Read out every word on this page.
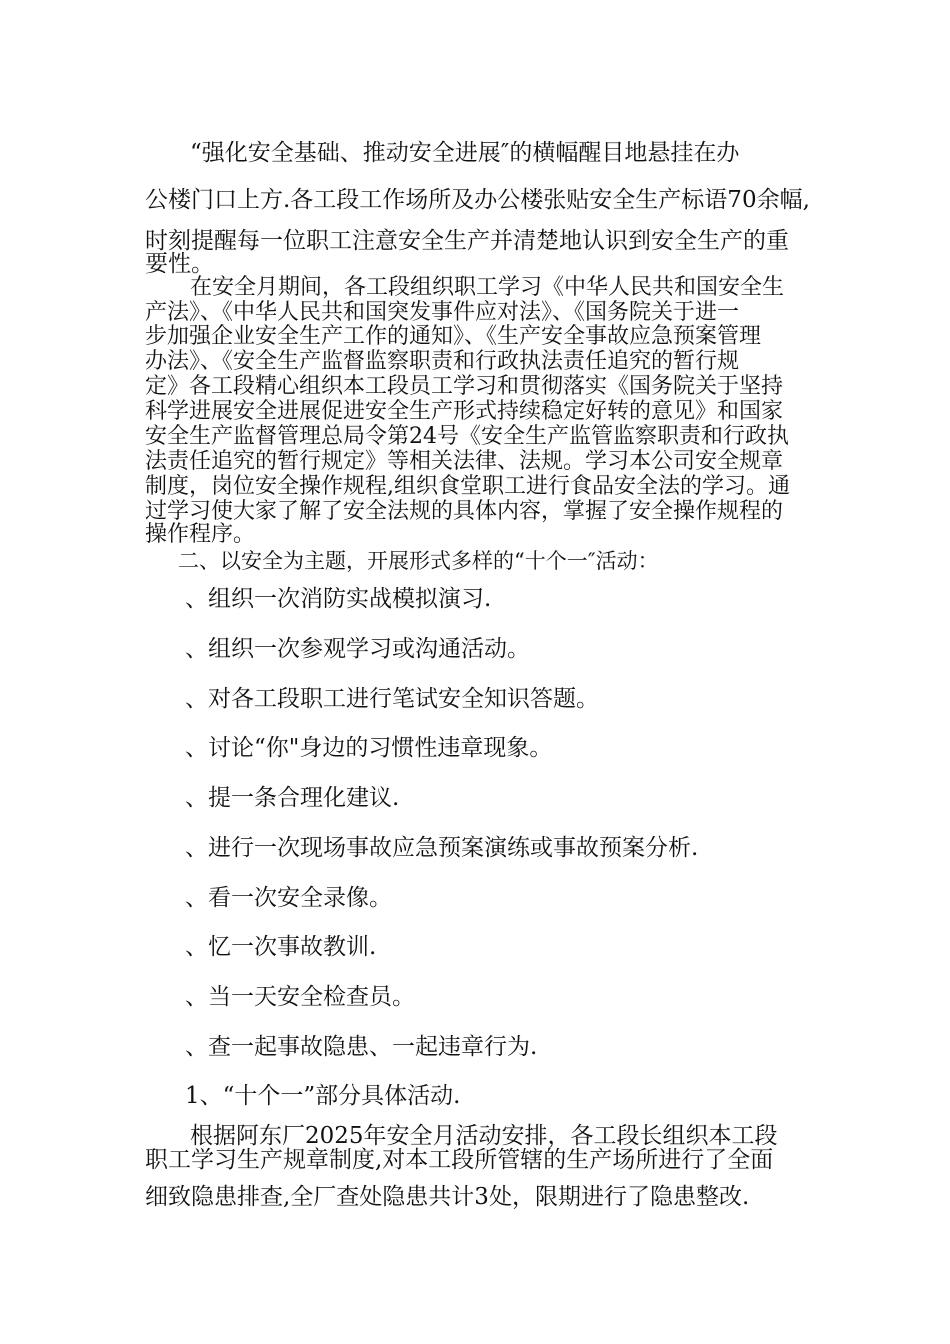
“强化安全基础、推动安全进展″的横幅醒目地悬挂在办
公楼门口上方.各工段工作场所及办公楼张贴安全生产标语70余幅,
时刻提醒每一位职工注意安全生产并清楚地认识到安全生产的重
要性。
在安全月期间，各工段组织职工学习《中华人民共和国安全生
产法》、《中华人民共和国突发事件应对法》、《国务院关于进一
步加强企业安全生产工作的通知》、《生产安全事故应急预案管理
办法》、《安全生产监督监察职责和行政执法责任追究的暂行规
定》各工段精心组织本工段员工学习和贯彻落实《国务院关于坚持
科学进展安全进展促进安全生产形式持续稳定好转的意见》和国家
安全生产监督管理总局令第24号《安全生产监管监察职责和行政执
法责任追究的暂行规定》等相关法律、法规。学习本公司安全规章
制度，岗位安全操作规程,组织食堂职工进行食品安全法的学习。通
过学习使大家了解了安全法规的具体内容，掌握了安全操作规程的
操作程序。
二、以安全为主题，开展形式多样的“十个一″活动：
、组织一次消防实战模拟演习.
、组织一次参观学习或沟通活动。
、对各工段职工进行笔试安全知识答题。
、讨论“你"身边的习惯性违章现象。
、提一条合理化建议.
、进行一次现场事故应急预案演练或事故预案分析.
、看一次安全录像。
、忆一次事故教训.
、当一天安全检查员。
、查一起事故隐患、一起违章行为.
1、“十个一”部分具体活动.
根据阿东厂2025年安全月活动安排，各工段长组织本工段
职工学习生产规章制度,对本工段所管辖的生产场所进行了全面
细致隐患排查,全厂查处隐患共计3处，限期进行了隐患整改.
